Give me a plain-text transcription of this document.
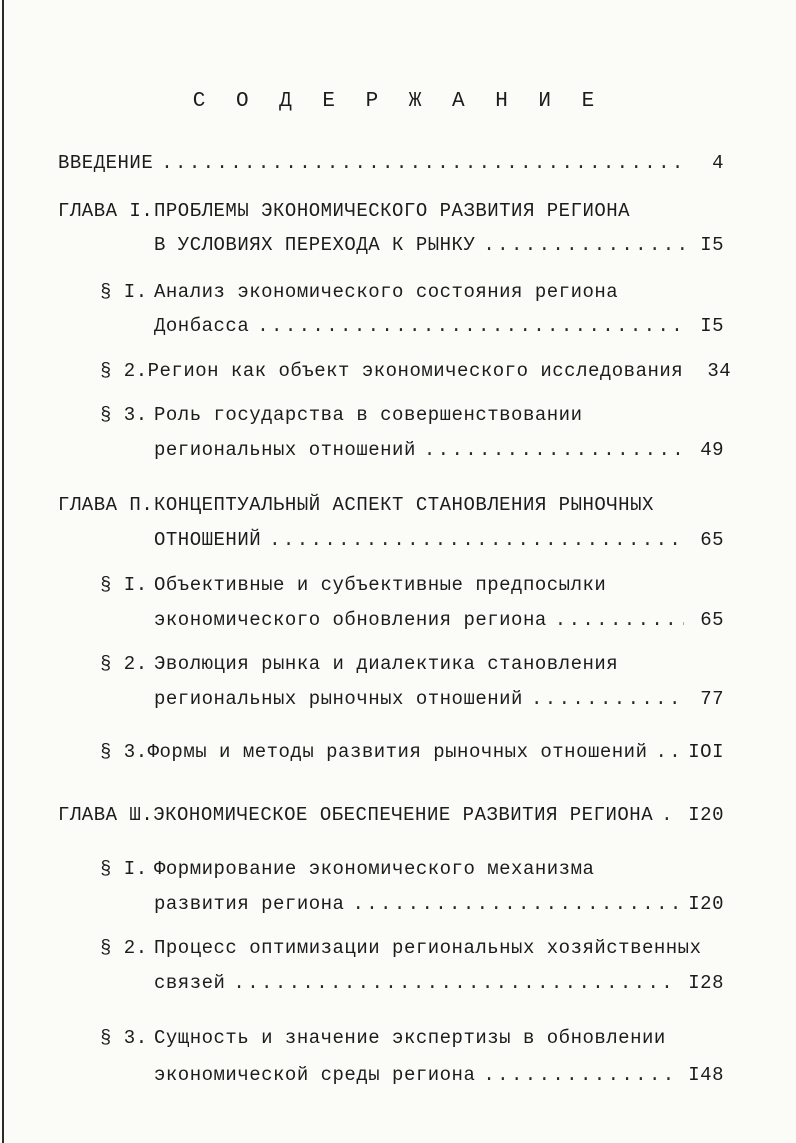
С О Д Е Р Ж А Н И Е
ВВЕДЕНИЕ .....	4
ГЛАВА I. ПРОБЛЕМЫ ЭКОНОМИЧЕСКОГО РАЗВИТИЯ РЕГИОНА
В УСЛОВИЯХ ПЕРЕХОДА К РЫНКУ .....	I5
§ I. Анализ экономического состояния региона
Донбасса .....	I5
§ 2. Регион как объект экономического исследования	34
§ 3. Роль государства в совершенствовании
региональных отношений .....	49
ГЛАВА П. КОНЦЕПТУАЛЬНЫЙ АСПЕКТ СТАНОВЛЕНИЯ РЫНОЧНЫХ
ОТНОШЕНИЙ .....	65
§ I. Объективные и субъективные предпосылки
экономического обновления региона .....	65
§ 2. Эволюция рынка и диалектика становления
региональных рыночных отношений .....	77
§ 3. Формы и методы развития рыночных отношений ..... IOI
ГЛАВА Ш. ЭКОНОМИЧЕСКОЕ ОБЕСПЕЧЕНИЕ РАЗВИТИЯ РЕГИОНА ..... I20
§ I. Формирование экономического механизма
развития региона .....	I20
§ 2. Процесс оптимизации региональных хозяйственных
связей .....	I28
§ 3. Сущность и значение экспертизы в обновлении
экономической среды региона .....	I48
